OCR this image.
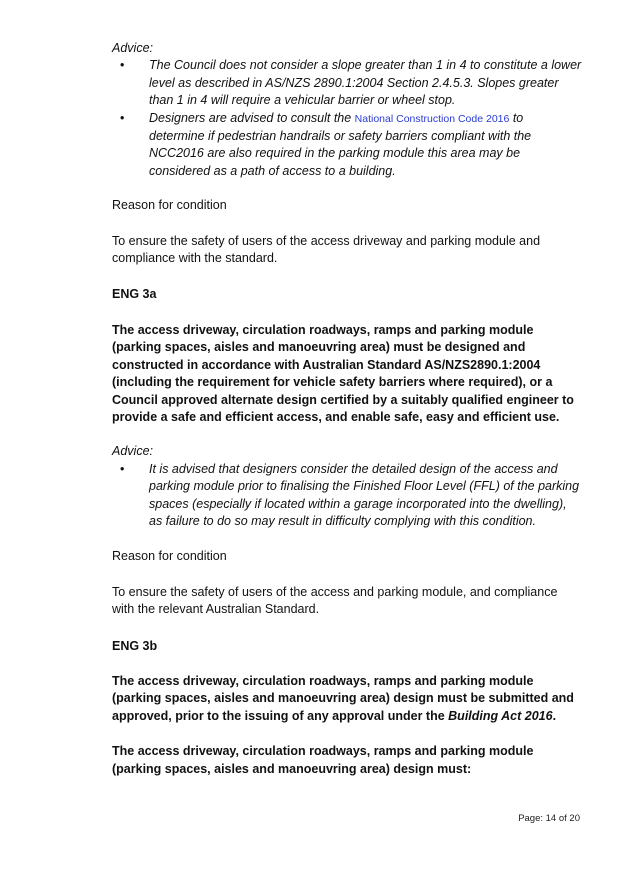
Advice:

• The Council does not consider a slope greater than 1 in 4 to constitute a lower level as described in AS/NZS 2890.1:2004 Section 2.4.5.3. Slopes greater than 1 in 4 will require a vehicular barrier or wheel stop.
• Designers are advised to consult the National Construction Code 2016 to determine if pedestrian handrails or safety barriers compliant with the NCC2016 are also required in the parking module this area may be considered as a path of access to a building.

Reason for condition

To ensure the safety of users of the access driveway and parking module and compliance with the standard.

ENG 3a

The access driveway, circulation roadways, ramps and parking module (parking spaces, aisles and manoeuvring area) must be designed and constructed in accordance with Australian Standard AS/NZS2890.1:2004 (including the requirement for vehicle safety barriers where required), or a Council approved alternate design certified by a suitably qualified engineer to provide a safe and efficient access, and enable safe, easy and efficient use.

Advice:

• It is advised that designers consider the detailed design of the access and parking module prior to finalising the Finished Floor Level (FFL) of the parking spaces (especially if located within a garage incorporated into the dwelling), as failure to do so may result in difficulty complying with this condition.

Reason for condition

To ensure the safety of users of the access and parking module, and compliance with the relevant Australian Standard.

ENG 3b

The access driveway, circulation roadways, ramps and parking module (parking spaces, aisles and manoeuvring area) design must be submitted and approved, prior to the issuing of any approval under the Building Act 2016.

The access driveway, circulation roadways, ramps and parking module (parking spaces, aisles and manoeuvring area) design must:

Page: 14 of 20
